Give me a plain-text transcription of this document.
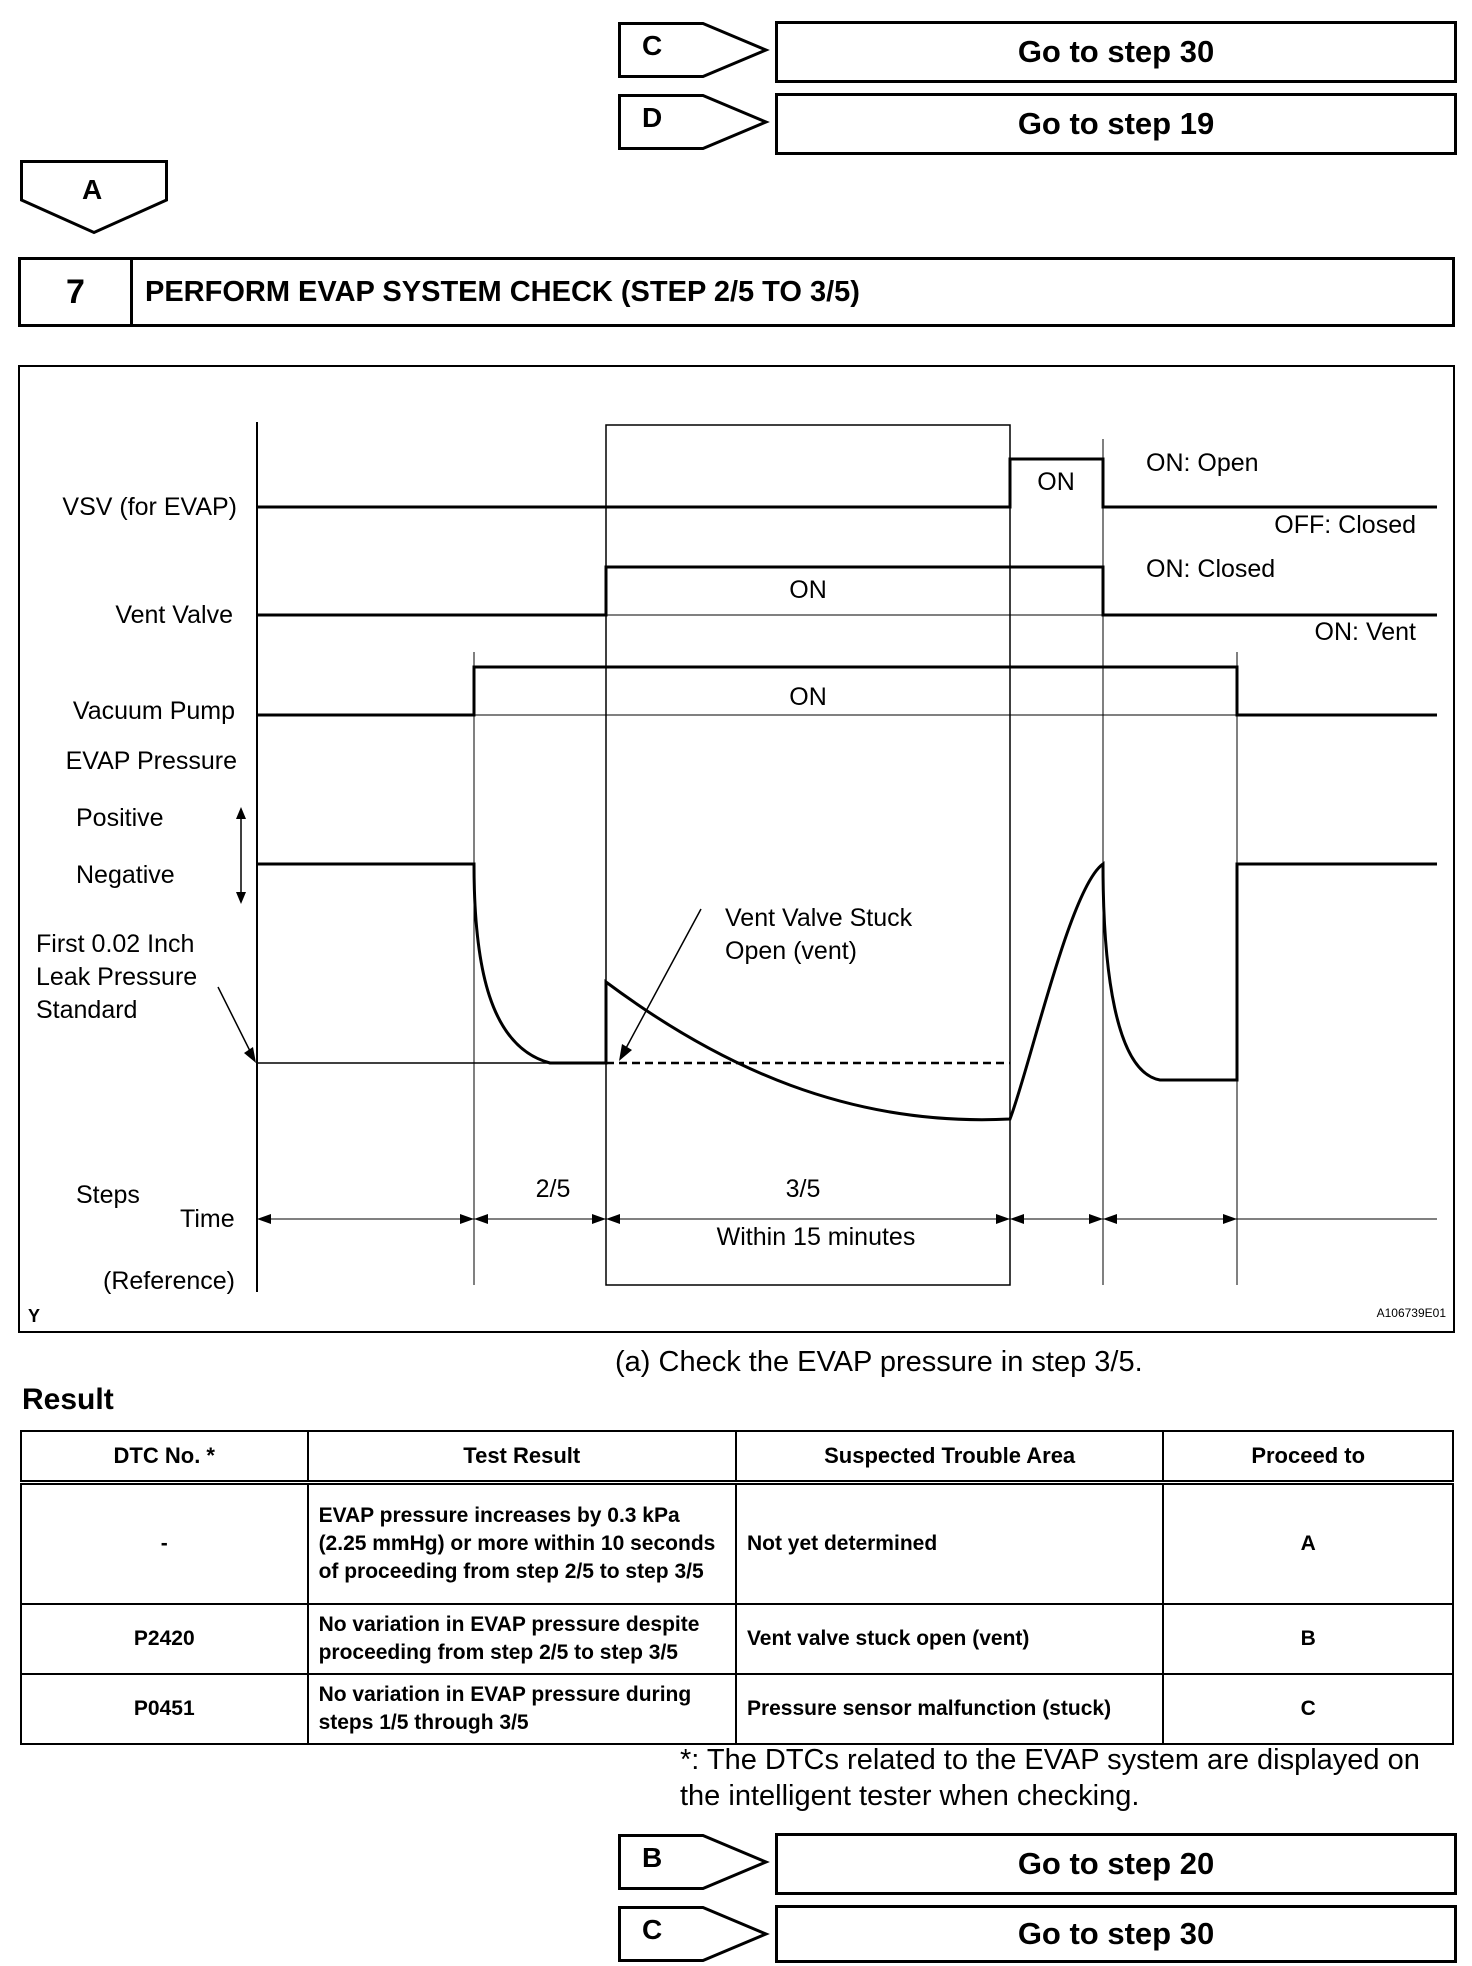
C	Go to step 30
D	Go to step 19
A
7	PERFORM EVAP SYSTEM CHECK (STEP 2/5 TO 3/5)
VSV (for EVAP)
Vent Valve
Vacuum Pump
EVAP Pressure
Positive
Negative
First 0.02 Inch
Leak Pressure
Standard
Steps
Time
(Reference)
ON: Open
OFF: Closed
ON: Closed
ON: Vent
ON
ON
ON
Vent Valve Stuck
Open (vent)
2/5	3/5
Within 15 minutes
Y	A106739E01
(a) Check the EVAP pressure in step 3/5.
Result
DTC No. *	Test Result	Suspected Trouble Area	Proceed to
-	EVAP pressure increases by 0.3 kPa (2.25 mmHg) or more within 10 seconds of proceeding from step 2/5 to step 3/5	Not yet determined	A
P2420	No variation in EVAP pressure despite proceeding from step 2/5 to step 3/5	Vent valve stuck open (vent)	B
P0451	No variation in EVAP pressure during steps 1/5 through 3/5	Pressure sensor malfunction (stuck)	C
*: The DTCs related to the EVAP system are displayed on the intelligent tester when checking.
B	Go to step 20
C	Go to step 30
